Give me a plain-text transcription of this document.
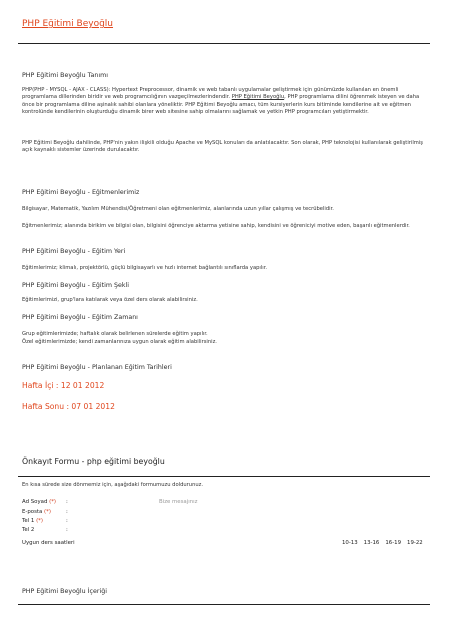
PHP Eğitimi Beyoğlu
PHP Eğitimi Beyoğlu Tanımı
PHP(PHP - MYSQL - AJAX - CLASS): Hypertext Preprocessor, dinamik ve web tabanlı uygulamalar geliştirmek için günümüzde kullanılan en önemli programlama dillerinden biridir ve web programcılığının vazgeçilmezlerindendir. PHP Eğitimi Beyoğlu, PHP programlama dilini öğrenmek isteyen ve daha önce bir programlama diline aşinalık sahibi olanlara yöneliktir. PHP Eğitimi Beyoğlu amacı, tüm kursiyerlerin kurs bitiminde kendilerine ait ve eğitmen kontrolünde kendilerinin oluşturduğu dinamik birer web sitesine sahip olmalarını sağlamak ve yetkin PHP programcıları yetiştirmektir.
PHP Eğitimi Beyoğlu dahilinde, PHP'nin yakın ilişkili olduğu Apache ve MySQL konuları da anlatılacaktır. Son olarak, PHP teknolojisi kullanılarak geliştirilmiş açık kaynaklı sistemler üzerinde durulacaktır.
PHP Eğitimi Beyoğlu - Eğitmenlerimiz
Bilgisayar, Matematik, Yazılım Mühendisi/Öğretmeni olan eğitmenlerimiz, alanlarında uzun yıllar çalışmış ve tecrübelidir.
Eğitmenlerimiz; alanında birikim ve bilgisi olan, bilgisini öğrenciye aktarma yetisine sahip, kendisini ve öğreniciyi motive eden, başarılı eğitmenlerdir.
PHP Eğitimi Beyoğlu - Eğitim Yeri
Eğitimlerimiz; klimalı, projektörlü, güçlü bilgisayarlı ve hızlı internet bağlantılı sınıflarda yapılır.
PHP Eğitimi Beyoğlu - Eğitim Şekli
Eğitimlerimizi, grup'lara katılarak veya özel ders olarak alabilirsiniz.
PHP Eğitimi Beyoğlu - Eğitim Zamanı
Grup eğitimlerimizde; haftalık olarak belirlenen sürelerde eğitim yapılır.
Özel eğitimlerimizde; kendi zamanlarınıza uygun olarak eğitim alabilirsiniz.
PHP Eğitimi Beyoğlu - Planlanan Eğitim Tarihleri
Hafta İçi : 12 01 2012
Hafta Sonu : 07 01 2012
Önkayıt Formu - php eğitimi beyoğlu
En kısa sürede size dönmemiz için, aşağıdaki formumuzu doldurunuz.
Ad Soyad (*) :
E-posta (*)	:
Tel 1 (*)	:
Tel 2	:
Bize mesajınız
Uygun ders saatleri	10-13 13-16 16-19 19-22
PHP Eğitimi Beyoğlu İçeriği
